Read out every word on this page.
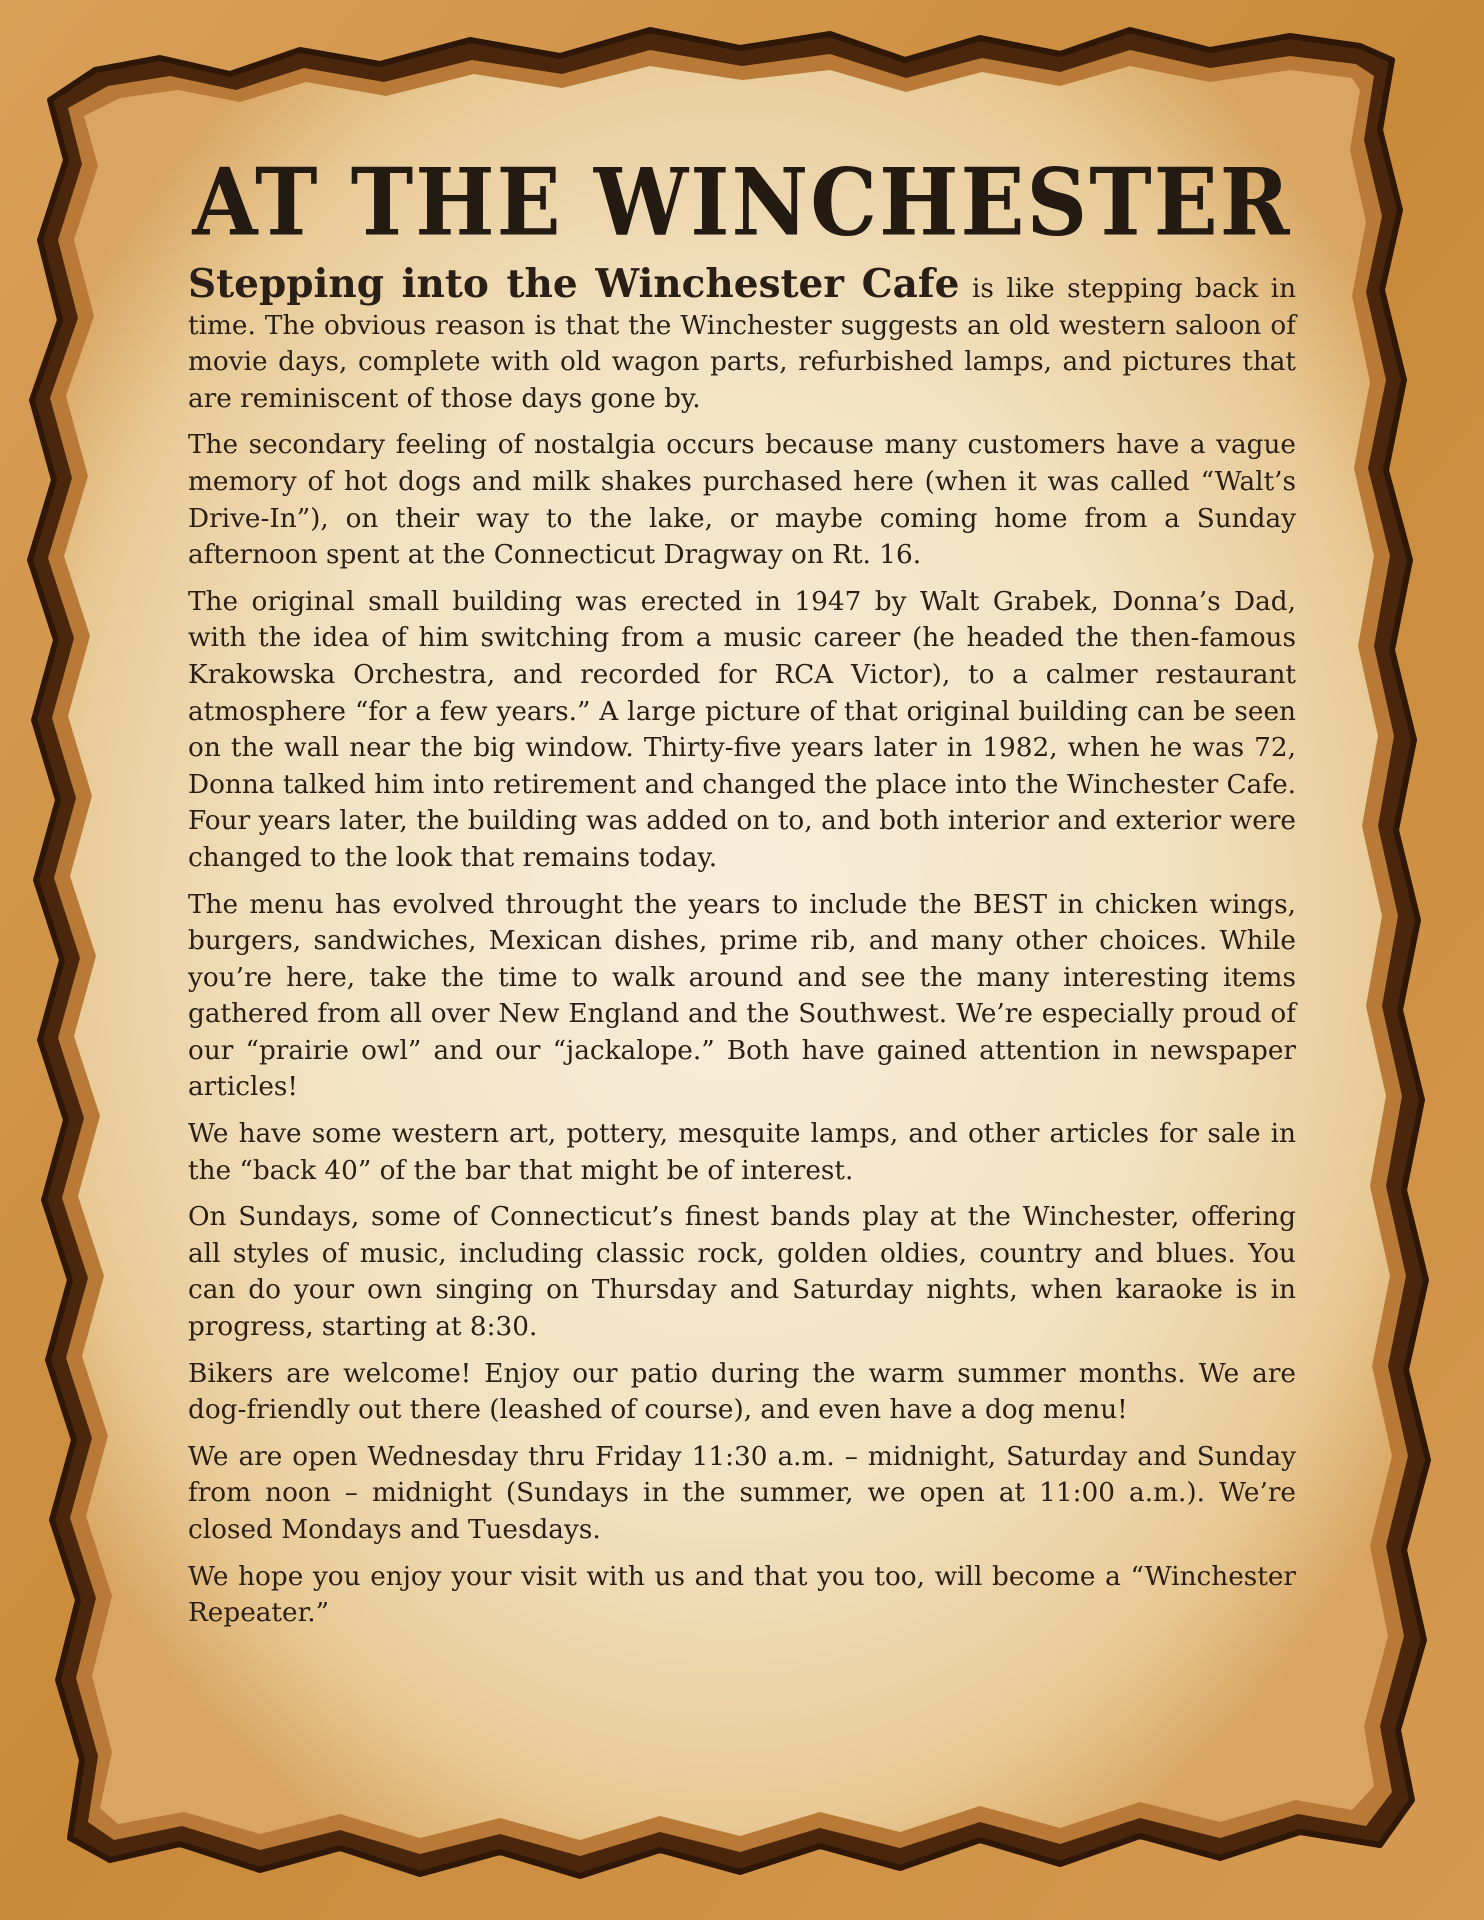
AT THE WINCHESTER

Stepping into the Winchester Cafe is like stepping back in time. The obvious reason is that the Winchester suggests an old western saloon of movie days, complete with old wagon parts, refurbished lamps, and pictures that are reminiscent of those days gone by.

The secondary feeling of nostalgia occurs because many customers have a vague memory of hot dogs and milk shakes purchased here (when it was called “Walt’s Drive-In”), on their way to the lake, or maybe coming home from a Sunday afternoon spent at the Connecticut Dragway on Rt. 16.

The original small building was erected in 1947 by Walt Grabek, Donna’s Dad, with the idea of him switching from a music career (he headed the then-famous Krakowska Orchestra, and recorded for RCA Victor), to a calmer restaurant atmosphere “for a few years.” A large picture of that original building can be seen on the wall near the big window. Thirty-five years later in 1982, when he was 72, Donna talked him into retirement and changed the place into the Winchester Cafe. Four years later, the building was added on to, and both interior and exterior were changed to the look that remains today.

The menu has evolved throught the years to include the BEST in chicken wings, burgers, sandwiches, Mexican dishes, prime rib, and many other choices. While you’re here, take the time to walk around and see the many interesting items gathered from all over New England and the Southwest. We’re especially proud of our “prairie owl” and our “jackalope.” Both have gained attention in newspaper articles!

We have some western art, pottery, mesquite lamps, and other articles for sale in the “back 40” of the bar that might be of interest.

On Sundays, some of Connecticut’s finest bands play at the Winchester, offering all styles of music, including classic rock, golden oldies, country and blues. You can do your own singing on Thursday and Saturday nights, when karaoke is in progress, starting at 8:30.

Bikers are welcome! Enjoy our patio during the warm summer months. We are dog-friendly out there (leashed of course), and even have a dog menu!

We are open Wednesday thru Friday 11:30 a.m. – midnight, Saturday and Sunday from noon – midnight (Sundays in the summer, we open at 11:00 a.m.). We’re closed Mondays and Tuesdays.

We hope you enjoy your visit with us and that you too, will become a “Winchester Repeater.”
